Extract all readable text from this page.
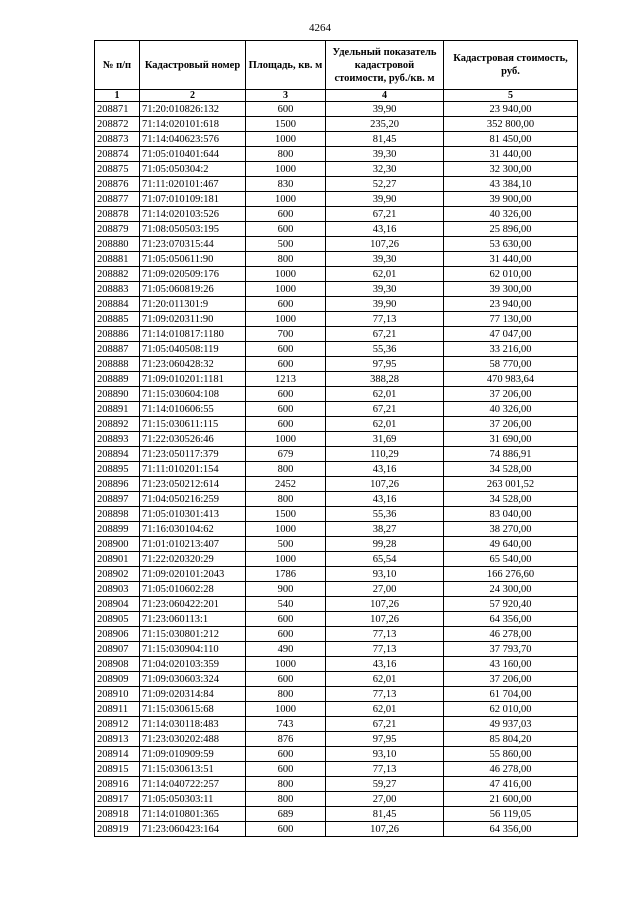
4264
№ п/п	Кадастровый номер	Площадь, кв. м	Удельный показатель кадастровой стоимости, руб./кв. м	Кадастровая стоимость, руб.
1	2	3	4	5
208871	71:20:010826:132	600	39,90	23 940,00
208872	71:14:020101:618	1500	235,20	352 800,00
208873	71:14:040623:576	1000	81,45	81 450,00
208874	71:05:010401:644	800	39,30	31 440,00
208875	71:05:050304:2	1000	32,30	32 300,00
208876	71:11:020101:467	830	52,27	43 384,10
208877	71:07:010109:181	1000	39,90	39 900,00
208878	71:14:020103:526	600	67,21	40 326,00
208879	71:08:050503:195	600	43,16	25 896,00
208880	71:23:070315:44	500	107,26	53 630,00
208881	71:05:050611:90	800	39,30	31 440,00
208882	71:09:020509:176	1000	62,01	62 010,00
208883	71:05:060819:26	1000	39,30	39 300,00
208884	71:20:011301:9	600	39,90	23 940,00
208885	71:09:020311:90	1000	77,13	77 130,00
208886	71:14:010817:1180	700	67,21	47 047,00
208887	71:05:040508:119	600	55,36	33 216,00
208888	71:23:060428:32	600	97,95	58 770,00
208889	71:09:010201:1181	1213	388,28	470 983,64
208890	71:15:030604:108	600	62,01	37 206,00
208891	71:14:010606:55	600	67,21	40 326,00
208892	71:15:030611:115	600	62,01	37 206,00
208893	71:22:030526:46	1000	31,69	31 690,00
208894	71:23:050117:379	679	110,29	74 886,91
208895	71:11:010201:154	800	43,16	34 528,00
208896	71:23:050212:614	2452	107,26	263 001,52
208897	71:04:050216:259	800	43,16	34 528,00
208898	71:05:010301:413	1500	55,36	83 040,00
208899	71:16:030104:62	1000	38,27	38 270,00
208900	71:01:010213:407	500	99,28	49 640,00
208901	71:22:020320:29	1000	65,54	65 540,00
208902	71:09:020101:2043	1786	93,10	166 276,60
208903	71:05:010602:28	900	27,00	24 300,00
208904	71:23:060422:201	540	107,26	57 920,40
208905	71:23:060113:1	600	107,26	64 356,00
208906	71:15:030801:212	600	77,13	46 278,00
208907	71:15:030904:110	490	77,13	37 793,70
208908	71:04:020103:359	1000	43,16	43 160,00
208909	71:09:030603:324	600	62,01	37 206,00
208910	71:09:020314:84	800	77,13	61 704,00
208911	71:15:030615:68	1000	62,01	62 010,00
208912	71:14:030118:483	743	67,21	49 937,03
208913	71:23:030202:488	876	97,95	85 804,20
208914	71:09:010909:59	600	93,10	55 860,00
208915	71:15:030613:51	600	77,13	46 278,00
208916	71:14:040722:257	800	59,27	47 416,00
208917	71:05:050303:11	800	27,00	21 600,00
208918	71:14:010801:365	689	81,45	56 119,05
208919	71:23:060423:164	600	107,26	64 356,00
